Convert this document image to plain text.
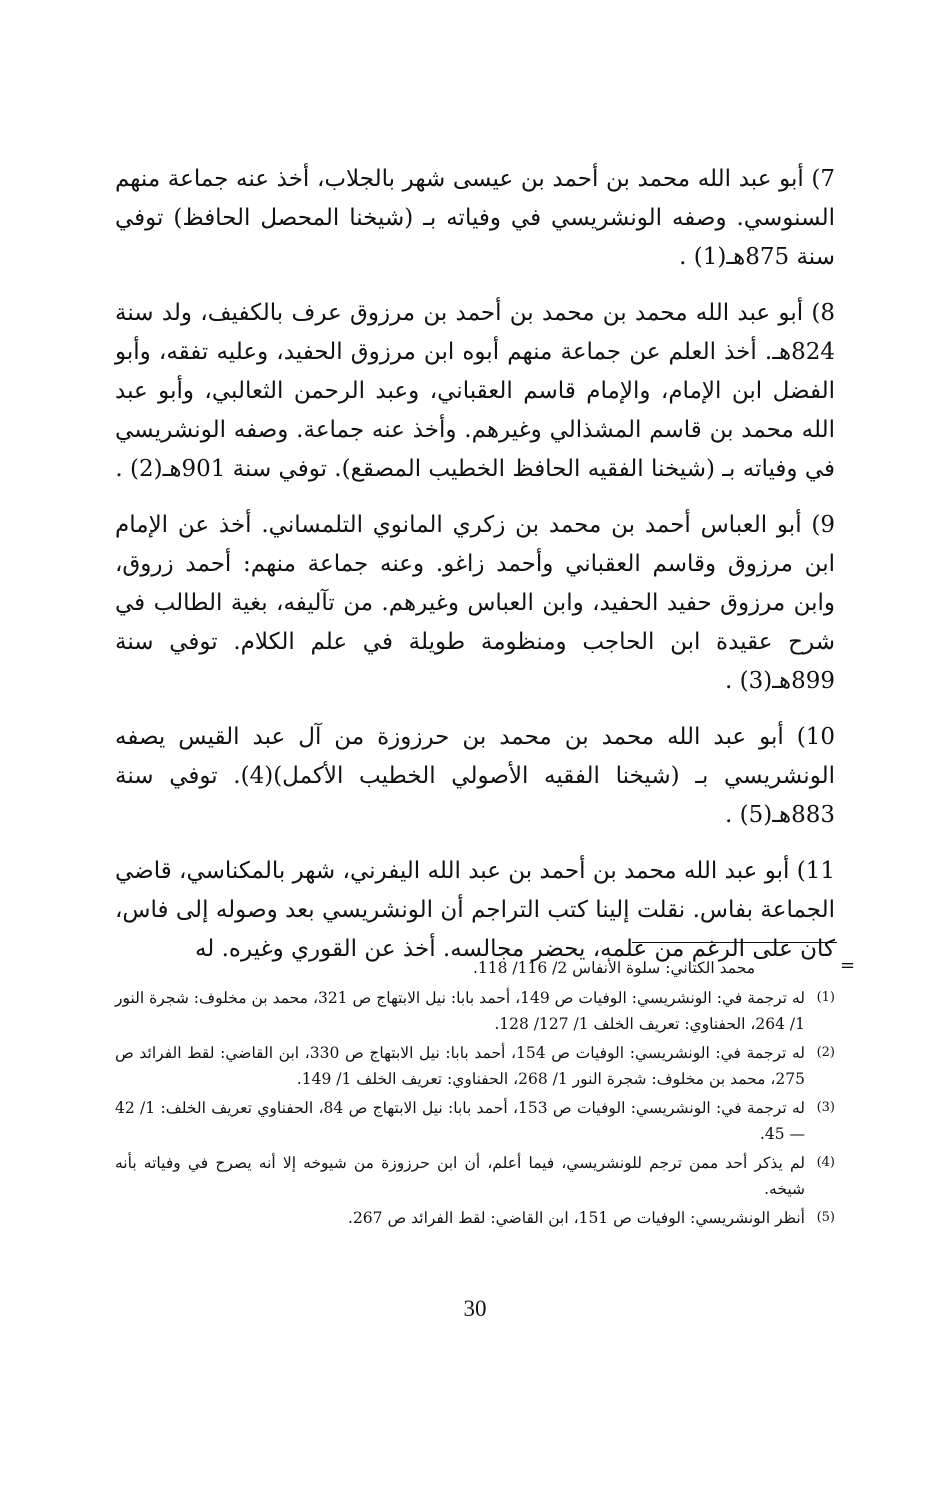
7) أبو عبد الله محمد بن أحمد بن عيسى شهر بالجلاب، أخذ عنه جماعة منهم السنوسي. وصفه الونشريسي في وفياته بـ (شيخنا المحصل الحافظ) توفي سنة 875هـ(1) .

8) أبو عبد الله محمد بن محمد بن أحمد بن مرزوق عرف بالكفيف، ولد سنة 824هـ. أخذ العلم عن جماعة منهم أبوه ابن مرزوق الحفيد، وعليه تفقه، وأبو الفضل ابن الإمام، والإمام قاسم العقباني، وعبد الرحمن الثعالبي، وأبو عبد الله محمد بن قاسم المشذالي وغيرهم. وأخذ عنه جماعة. وصفه الونشريسي في وفياته بـ (شيخنا الفقيه الحافظ الخطيب المصقع). توفي سنة 901هـ(2) .

9) أبو العباس أحمد بن محمد بن زكري المانوي التلمساني. أخذ عن الإمام ابن مرزوق وقاسم العقباني وأحمد زاغو. وعنه جماعة منهم: أحمد زروق، وابن مرزوق حفيد الحفيد، وابن العباس وغيرهم. من تآليفه، بغية الطالب في شرح عقيدة ابن الحاجب ومنظومة طويلة في علم الكلام. توفي سنة 899هـ(3) .

10) أبو عبد الله محمد بن محمد بن حرزوزة من آل عبد القيس يصفه الونشريسي بـ (شيخنا الفقيه الأصولي الخطيب الأكمل)(4). توفي سنة 883هـ(5) .

11) أبو عبد الله محمد بن أحمد بن عبد الله اليفرني، شهر بالمكناسي، قاضي الجماعة بفاس. نقلت إلينا كتب التراجم أن الونشريسي بعد وصوله إلى فاس، كان على الرغم من علمه، يحضر مجالسه. أخذ عن القوري وغيره. له

=
محمد الكتاني: سلوة الأنفاس 2/ 116/ 118.
(1)
له ترجمة في: الونشريسي: الوفيات ص 149، أحمد بابا: نيل الابتهاج ص 321، محمد بن مخلوف: شجرة النور 1/ 264، الحفناوي: تعريف الخلف 1/ 127/ 128.
(2)
له ترجمة في: الونشريسي: الوفيات ص 154، أحمد بابا: نيل الابتهاج ص 330، ابن القاضي: لقط الفرائد ص 275، محمد بن مخلوف: شجرة النور 1/ 268، الحفناوي: تعريف الخلف 1/ 149.
(3)
له ترجمة في: الونشريسي: الوفيات ص 153، أحمد بابا: نيل الابتهاج ص 84، الحفناوي تعريف الخلف: 1/ 42 — 45.
(4)
لم يذكر أحد ممن ترجم للونشريسي، فيما أعلم، أن ابن حرزوزة من شيوخه إلا أنه يصرح في وفياته بأنه شيخه.
(5)
أنظر الونشريسي: الوفيات ص 151، ابن القاضي: لقط الفرائد ص 267.
30
